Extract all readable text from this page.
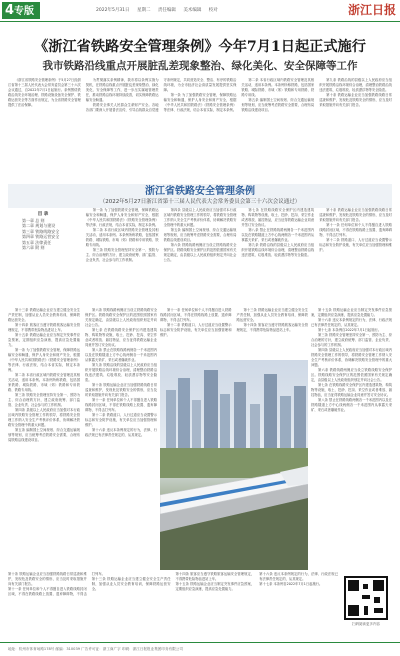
4专版	2022年5月31日 星期二 责任编辑 美术编辑 校对	浙江日报
《浙江省铁路安全管理条例》今年7月1日起正式施行
我市铁路沿线重点开展脏乱差现象整治、绿化美化、安全保障等工作

《浙江省铁路安全管理条例》于5月27日经浙江省第十三届人民代表大会常务委员会第三十六次会议通过，自2022年7月1日起施行。条例围绕铁路沿线安全环境治理、铁路设施设备安全保护、铁路运营安全等方面作出规定，为全省铁路安全管理提供了法治保障。

为贯彻落实条例精神，我市将以条例实施为契机，在铁路沿线重点开展脏乱差现象整治、绿化美化、安全保障等工作，进一步压实属地管理责任，推动铁路沿线环境持续改善，切实保障铁路运输安全畅通。

铁路安全事关人民群众生命财产安全。各地各部门要深入开展普法宣传，引导沿线群众自觉遵守条例规定，共同营造安全、整洁、有序的铁路沿线环境，为全市经济社会高质量发展提供坚实保障。

第一条 为了加强铁路安全管理，保障铁路运输安全和畅通，保护人身安全和财产安全，根据《中华人民共和国铁路法》《铁路安全管理条例》等法律、行政法规，结合本省实际，制定本条例。

第二条 本省行政区域内铁路安全管理及其相关活动，适用本条例。本条例所称铁路，包括国家铁路、城际铁路、市域（郊）铁路和专用铁路、铁路专用线。

第五条 编制国土空间规划、综合交通运输规划等规划，应当统筹考虑铁路安全需要，合理布局铁路沿线建设项目。

第九条 铁路沿线的县级以上人民政府应当组织开展铁路沿线环境综合治理，清理整治铁路沿线违法建筑、垃圾堆放、轻质漂浮物等安全隐患。

第十条 铁路运输企业应当加强铁路线路日常巡查和维护，发现危及铁路安全的情形，应当及时采取措施并向有关部门报告。

浙江省铁路安全管理条例
（2022年5月27日浙江省第十三届人民代表大会常务委员会第三十六次会议通过）

第一条 为了加强铁路安全管理，保障铁路运输安全和畅通，保护人身安全和财产安全，根据《中华人民共和国铁路法》《铁路安全管理条例》等法律、行政法规，结合本省实际，制定本条例。

第二条 本省行政区域内铁路安全管理及其相关活动，适用本条例。本条例所称铁路，包括国家铁路、城际铁路、市域（郊）铁路和专用铁路、铁路专用线。

第三条 铁路安全管理坚持安全第一、预防为主、综合治理的方针，建立政府统筹、部门监管、企业负责、社会参与的工作机制。

第四条 县级以上人民政府应当加强对本行政区域内铁路安全管理工作的领导，将铁路安全管理工作纳入安全生产考核评价体系，协调解决铁路安全管理中的重大问题。

第五条 编制国土空间规划、综合交通运输规划等规划，应当统筹考虑铁路安全需要，合理布局铁路沿线建设项目。

第六条 铁路线路两侧应当设立铁路线路安全保护区。铁路线路安全保护区的范围依照国家有关规定确定，由县级以上人民政府组织划定并向社会公告。

第七条 在铁路线路安全保护区内建造建筑物、构筑物等设施，取土、挖砂、挖沟、采空作业或者堆放、悬挂物品，应当征得铁路运输企业同意并签订安全协议。

第八条 禁止在铁路线路两侧各一千米范围内以及在铁路隧道上方中心线两侧各一千米范围内从事露天采矿、采石或者爆破作业。

第九条 铁路沿线的县级以上人民政府应当组织开展铁路沿线环境综合治理，清理整治铁路沿线违法建筑、垃圾堆放、轻质漂浮物等安全隐患。

第十条 铁路运输企业应当加强铁路线路日常巡查和维护，发现危及铁路安全的情形，应当及时采取措施并向有关部门报告。

第十一条 任何单位和个人不得擅自进入铁路线路封闭区域，不得在铁路线路上放置、遗弃障碍物，不得击打列车。

第十二条 铁路道口、人行过道应当设置警示标志和安全防护设施，有关单位应当加强管理和维护。

目 录
第一章 总 则
第二章 规划与建设
第三章 铁路线路安全
第四章 铁路运营安全
第五章 法律责任
第六章 附 则

第十三条 铁路运输企业应当建立健全安全生产责任制，加强从业人员安全教育培训，保障铁路运营安全。

第十四条 旅客应当遵守铁路旅客运输安全管理规定，不得携带危险物品进站上车。

第十五条 铁路运输企业应当制定突发事件应急预案，定期组织应急演练，提高应急处置能力。

第一条 为了加强铁路安全管理，保障铁路运输安全和畅通，保护人身安全和财产安全，根据《中华人民共和国铁路法》《铁路安全管理条例》等法律、行政法规，结合本省实际，制定本条例。

第二条 本省行政区域内铁路安全管理及其相关活动，适用本条例。本条例所称铁路，包括国家铁路、城际铁路、市域（郊）铁路和专用铁路、铁路专用线。

第三条 铁路安全管理坚持安全第一、预防为主、综合治理的方针，建立政府统筹、部门监管、企业负责、社会参与的工作机制。

第四条 县级以上人民政府应当加强对本行政区域内铁路安全管理工作的领导，将铁路安全管理工作纳入安全生产考核评价体系，协调解决铁路安全管理中的重大问题。

第五条 编制国土空间规划、综合交通运输规划等规划，应当统筹考虑铁路安全需要，合理布局铁路沿线建设项目。

第六条 铁路线路两侧应当设立铁路线路安全保护区。铁路线路安全保护区的范围依照国家有关规定确定，由县级以上人民政府组织划定并向社会公告。

第七条 在铁路线路安全保护区内建造建筑物、构筑物等设施，取土、挖砂、挖沟、采空作业或者堆放、悬挂物品，应当征得铁路运输企业同意并签订安全协议。

第八条 禁止在铁路线路两侧各一千米范围内以及在铁路隧道上方中心线两侧各一千米范围内从事露天采矿、采石或者爆破作业。

第九条 铁路沿线的县级以上人民政府应当组织开展铁路沿线环境综合治理，清理整治铁路沿线违法建筑、垃圾堆放、轻质漂浮物等安全隐患。

第十条 铁路运输企业应当加强铁路线路日常巡查和维护，发现危及铁路安全的情形，应当及时采取措施并向有关部门报告。

第十一条 任何单位和个人不得擅自进入铁路线路封闭区域，不得在铁路线路上放置、遗弃障碍物，不得击打列车。

第十二条 铁路道口、人行过道应当设置警示标志和安全防护设施，有关单位应当加强管理和维护。

第十六条 违反本条例规定的行为，法律、行政法规已有法律责任规定的，从其规定。

第十一条 任何单位和个人不得擅自进入铁路线路封闭区域，不得在铁路线路上放置、遗弃障碍物，不得击打列车。

第十二条 铁路道口、人行过道应当设置警示标志和安全防护设施，有关单位应当加强管理和维护。

第十三条 铁路运输企业应当建立健全安全生产责任制，加强从业人员安全教育培训，保障铁路运营安全。

第十四条 旅客应当遵守铁路旅客运输安全管理规定，不得携带危险物品进站上车。

第十五条 铁路运输企业应当制定突发事件应急预案，定期组织应急演练，提高应急处置能力。

第十六条 违反本条例规定的行为，法律、行政法规已有法律责任规定的，从其规定。

第十七条 本条例自2022年7月1日起施行。

第三条 铁路安全管理坚持安全第一、预防为主、综合治理的方针，建立政府统筹、部门监管、企业负责、社会参与的工作机制。

第四条 县级以上人民政府应当加强对本行政区域内铁路安全管理工作的领导，将铁路安全管理工作纳入安全生产考核评价体系，协调解决铁路安全管理中的重大问题。

第六条 铁路线路两侧应当设立铁路线路安全保护区。铁路线路安全保护区的范围依照国家有关规定确定，由县级以上人民政府组织划定并向社会公告。

第七条 在铁路线路安全保护区内建造建筑物、构筑物等设施，取土、挖砂、挖沟、采空作业或者堆放、悬挂物品，应当征得铁路运输企业同意并签订安全协议。

第八条 禁止在铁路线路两侧各一千米范围内以及在铁路隧道上方中心线两侧各一千米范围内从事露天采矿、采石或者爆破作业。

第十条 铁路运输企业应当加强铁路线路日常巡查和维护，发现危及铁路安全的情形，应当及时采取措施并向有关部门报告。

第十一条 任何单位和个人不得擅自进入铁路线路封闭区域，不得在铁路线路上放置、遗弃障碍物，不得击打列车。

第十三条 铁路运输企业应当建立健全安全生产责任制，加强从业人员安全教育培训，保障铁路运营安全。

第十四条 旅客应当遵守铁路旅客运输安全管理规定，不得携带危险物品进站上车。

第十五条 铁路运输企业应当制定突发事件应急预案，定期组织应急演练，提高应急处置能力。

第十六条 违反本条例规定的行为，法律、行政法规已有法律责任规定的，从其规定。

第十七条 本条例自2022年7月1日起施行。

扫码阅读更多内容
地址：杭州市体育场路178号 邮编：310039 广告许可证：浙工商广字 印刷：浙江日报报业集团印务有限公司
